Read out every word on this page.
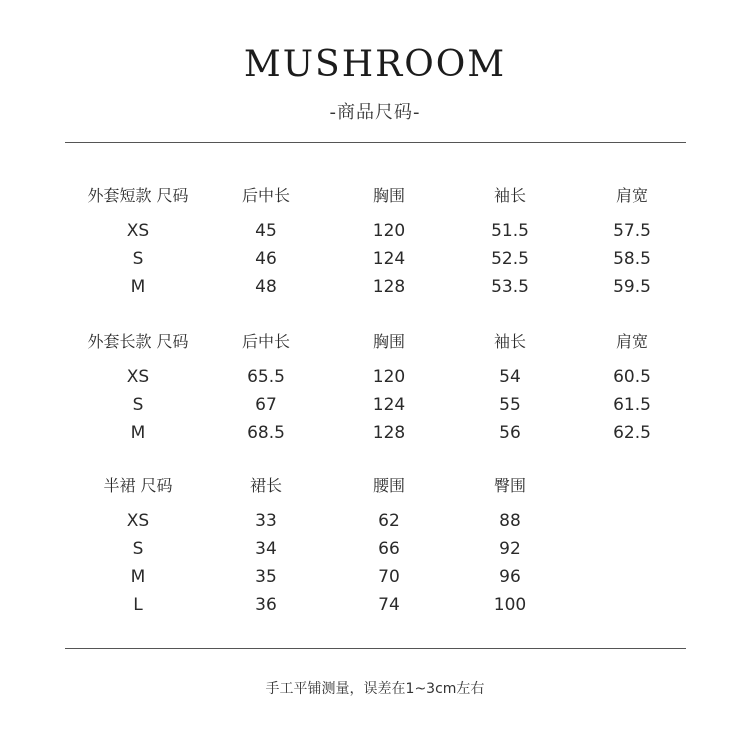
MUSHROOM
-商品尺码-
外套短款 尺码	后中长	胸围	袖长	肩宽
XS	45	120	51.5	57.5
S	46	124	52.5	58.5
M	48	128	53.5	59.5
外套长款 尺码	后中长	胸围	袖长	肩宽
XS	65.5	120	54	60.5
S	67	124	55	61.5
M	68.5	128	56	62.5
半裙 尺码	裙长	腰围	臀围
XS	33	62	88
S	34	66	92
M	35	70	96
L	36	74	100
手工平铺测量，误差在1~3cm左右
